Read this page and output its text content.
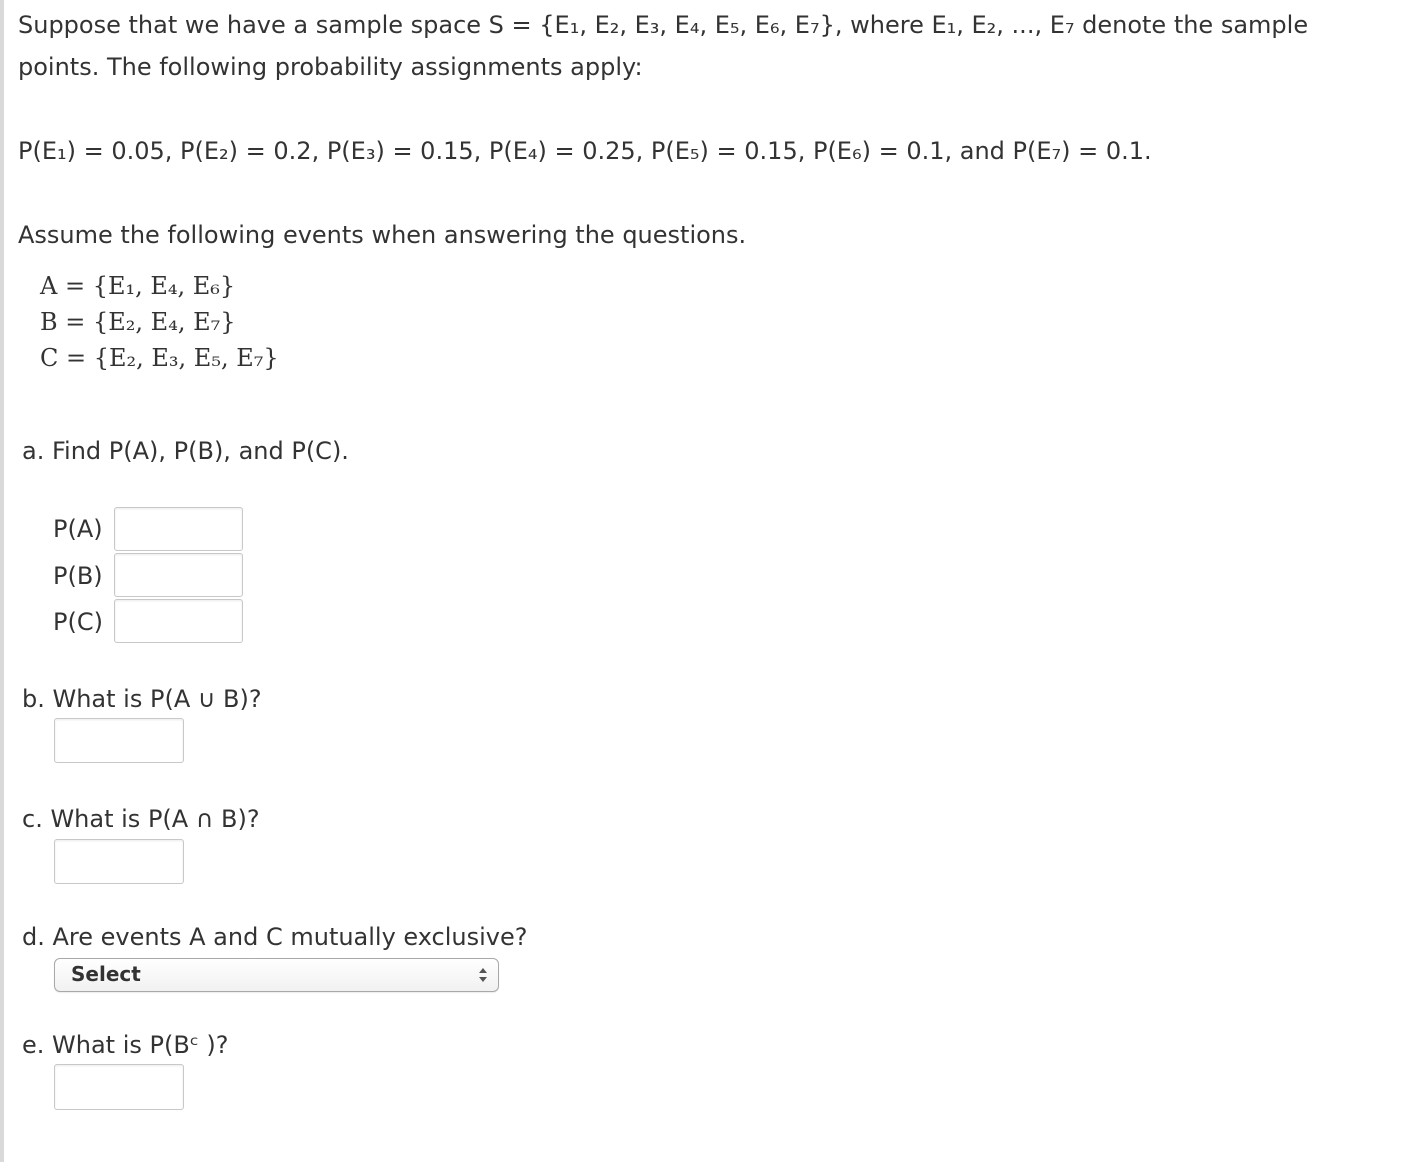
Suppose that we have a sample space S = {E₁, E₂, E₃, E₄, E₅, E₆, E₇}, where E₁, E₂, ..., E₇ denote the sample
points. The following probability assignments apply:
P(E₁) = 0.05, P(E₂) = 0.2, P(E₃) = 0.15, P(E₄) = 0.25, P(E₅) = 0.15, P(E₆) = 0.1, and P(E₇) = 0.1.
Assume the following events when answering the questions.
A = {E₁, E₄, E₆}
B = {E₂, E₄, E₇}
C = {E₂, E₃, E₅, E₇}
a. Find P(A), P(B), and P(C).
P(A)
P(B)
P(C)
b. What is P(A ∪ B)?
c. What is P(A ∩ B)?
d. Are events A and C mutually exclusive?
Select
e. What is P(Bᶜ )?
